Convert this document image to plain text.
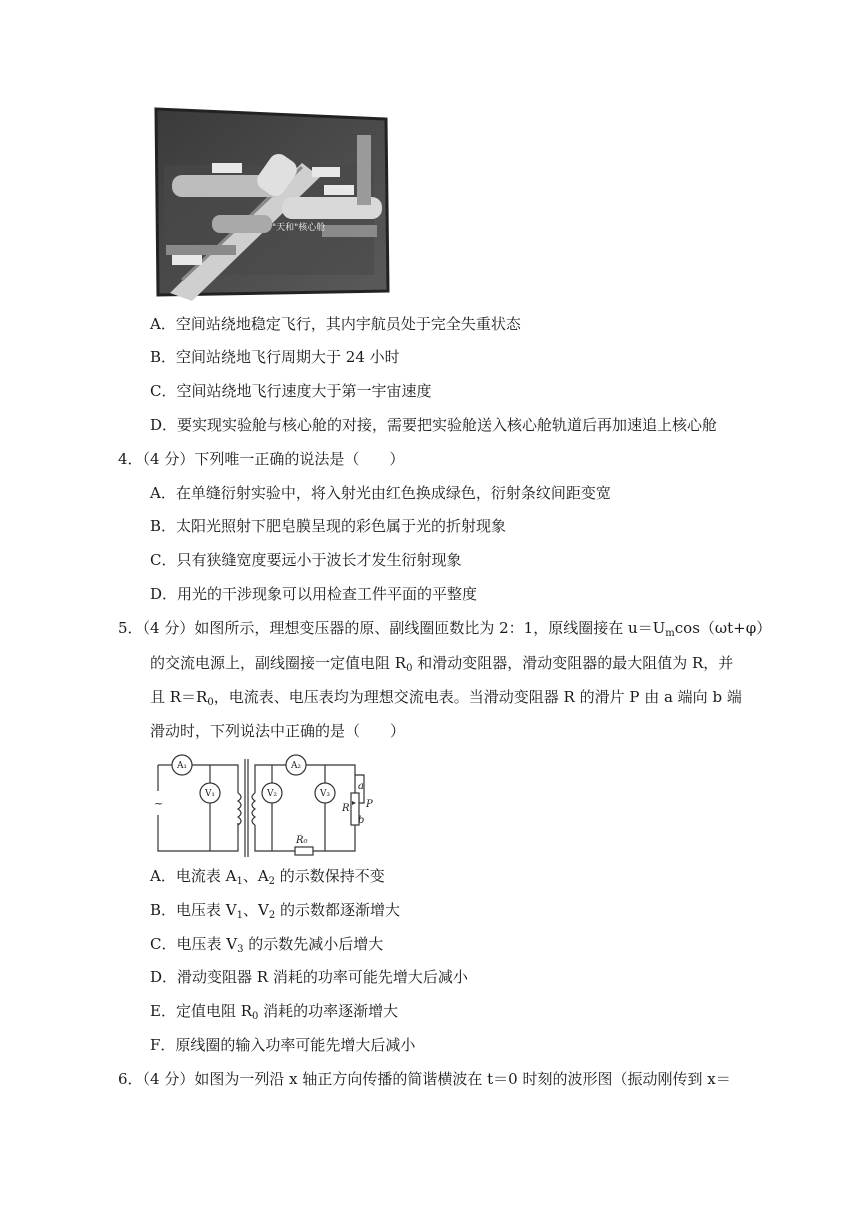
"天和"核心舱
A．空间站绕地稳定飞行，其内宇航员处于完全失重状态
B．空间站绕地飞行周期大于 24 小时
C．空间站绕地飞行速度大于第一宇宙速度
D．要实现实验舱与核心舱的对接，需要把实验舱送入核心舱轨道后再加速追上核心舱
4．（4 分）下列唯一正确的说法是（　　）
A．在单缝衍射实验中，将入射光由红色换成绿色，衍射条纹间距变宽
B．太阳光照射下肥皂膜呈现的彩色属于光的折射现象
C．只有狭缝宽度要远小于波长才发生衍射现象
D．用光的干涉现象可以用检查工件平面的平整度
5．（4 分）如图所示，理想变压器的原、副线圈匝数比为 2：1，原线圈接在 $u=U_m\cos(\omega t+\varphi)$
的交流电源上，副线圈接一定值电阻 $R_0$ 和滑动变阻器，滑动变阻器的最大阻值为 R，并
且 $R=R_0$，电流表、电压表均为理想交流电表。当滑动变阻器 R 的滑片 P 由 a 端向 b 端
滑动时，下列说法中正确的是（　　）
A₁	A₂
V₁	V₂	V₃
R
R₀
a
b
P
~
A．电流表 $A_1$、$A_2$ 的示数保持不变
B．电压表 $V_1$、$V_2$ 的示数都逐渐增大
C．电压表 $V_3$ 的示数先减小后增大
D．滑动变阻器 R 消耗的功率可能先增大后减小
E．定值电阻 $R_0$ 消耗的功率逐渐增大
F．原线圈的输入功率可能先增大后减小
6．（4 分）如图为一列沿 x 轴正方向传播的简谐横波在 t＝0 时刻的波形图（振动刚传到 x＝
